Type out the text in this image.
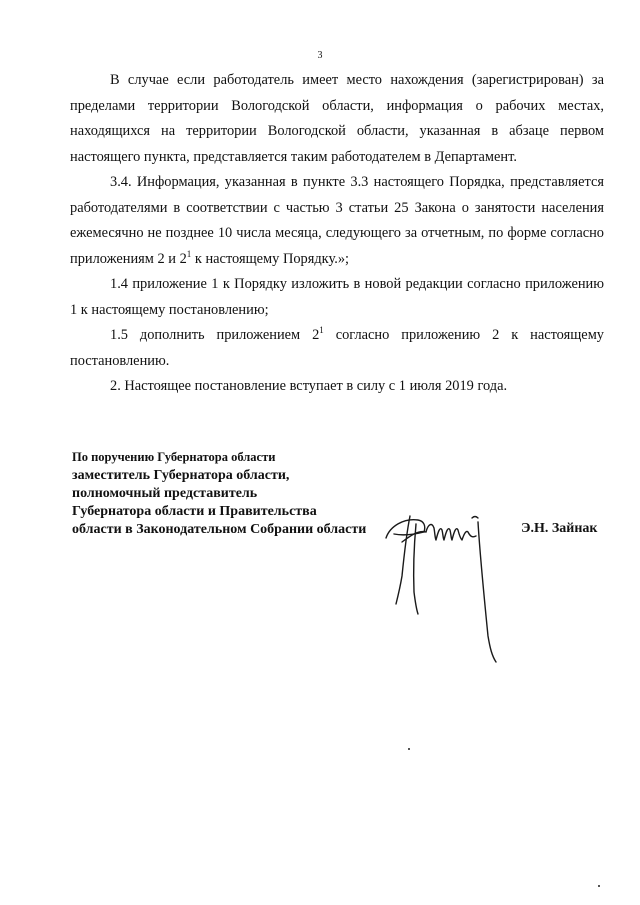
3

В случае если работодатель имеет место нахождения (зарегистрирован) за пределами территории Вологодской области, информация о рабочих местах, находящихся на территории Вологодской области, указанная в абзаце первом настоящего пункта, представляется таким работодателем в Департамент.

3.4. Информация, указанная в пункте 3.3 настоящего Порядка, представляется работодателями в соответствии с частью 3 статьи 25 Закона о занятости населения ежемесячно не позднее 10 числа месяца, следующего за отчетным, по форме согласно приложениям 2 и $2^1$ к настоящему Порядку.»;

1.4 приложение 1 к Порядку изложить в новой редакции согласно приложению 1 к настоящему постановлению;

1.5 дополнить приложением $2^1$ согласно приложению 2 к настоящему постановлению.

2. Настоящее постановление вступает в силу с 1 июля 2019 года.

По поручению Губернатора области
заместитель Губернатора области,
полномочный представитель
Губернатора области и Правительства
области в Законодательном Собрании области	Э.Н. Зайнак
